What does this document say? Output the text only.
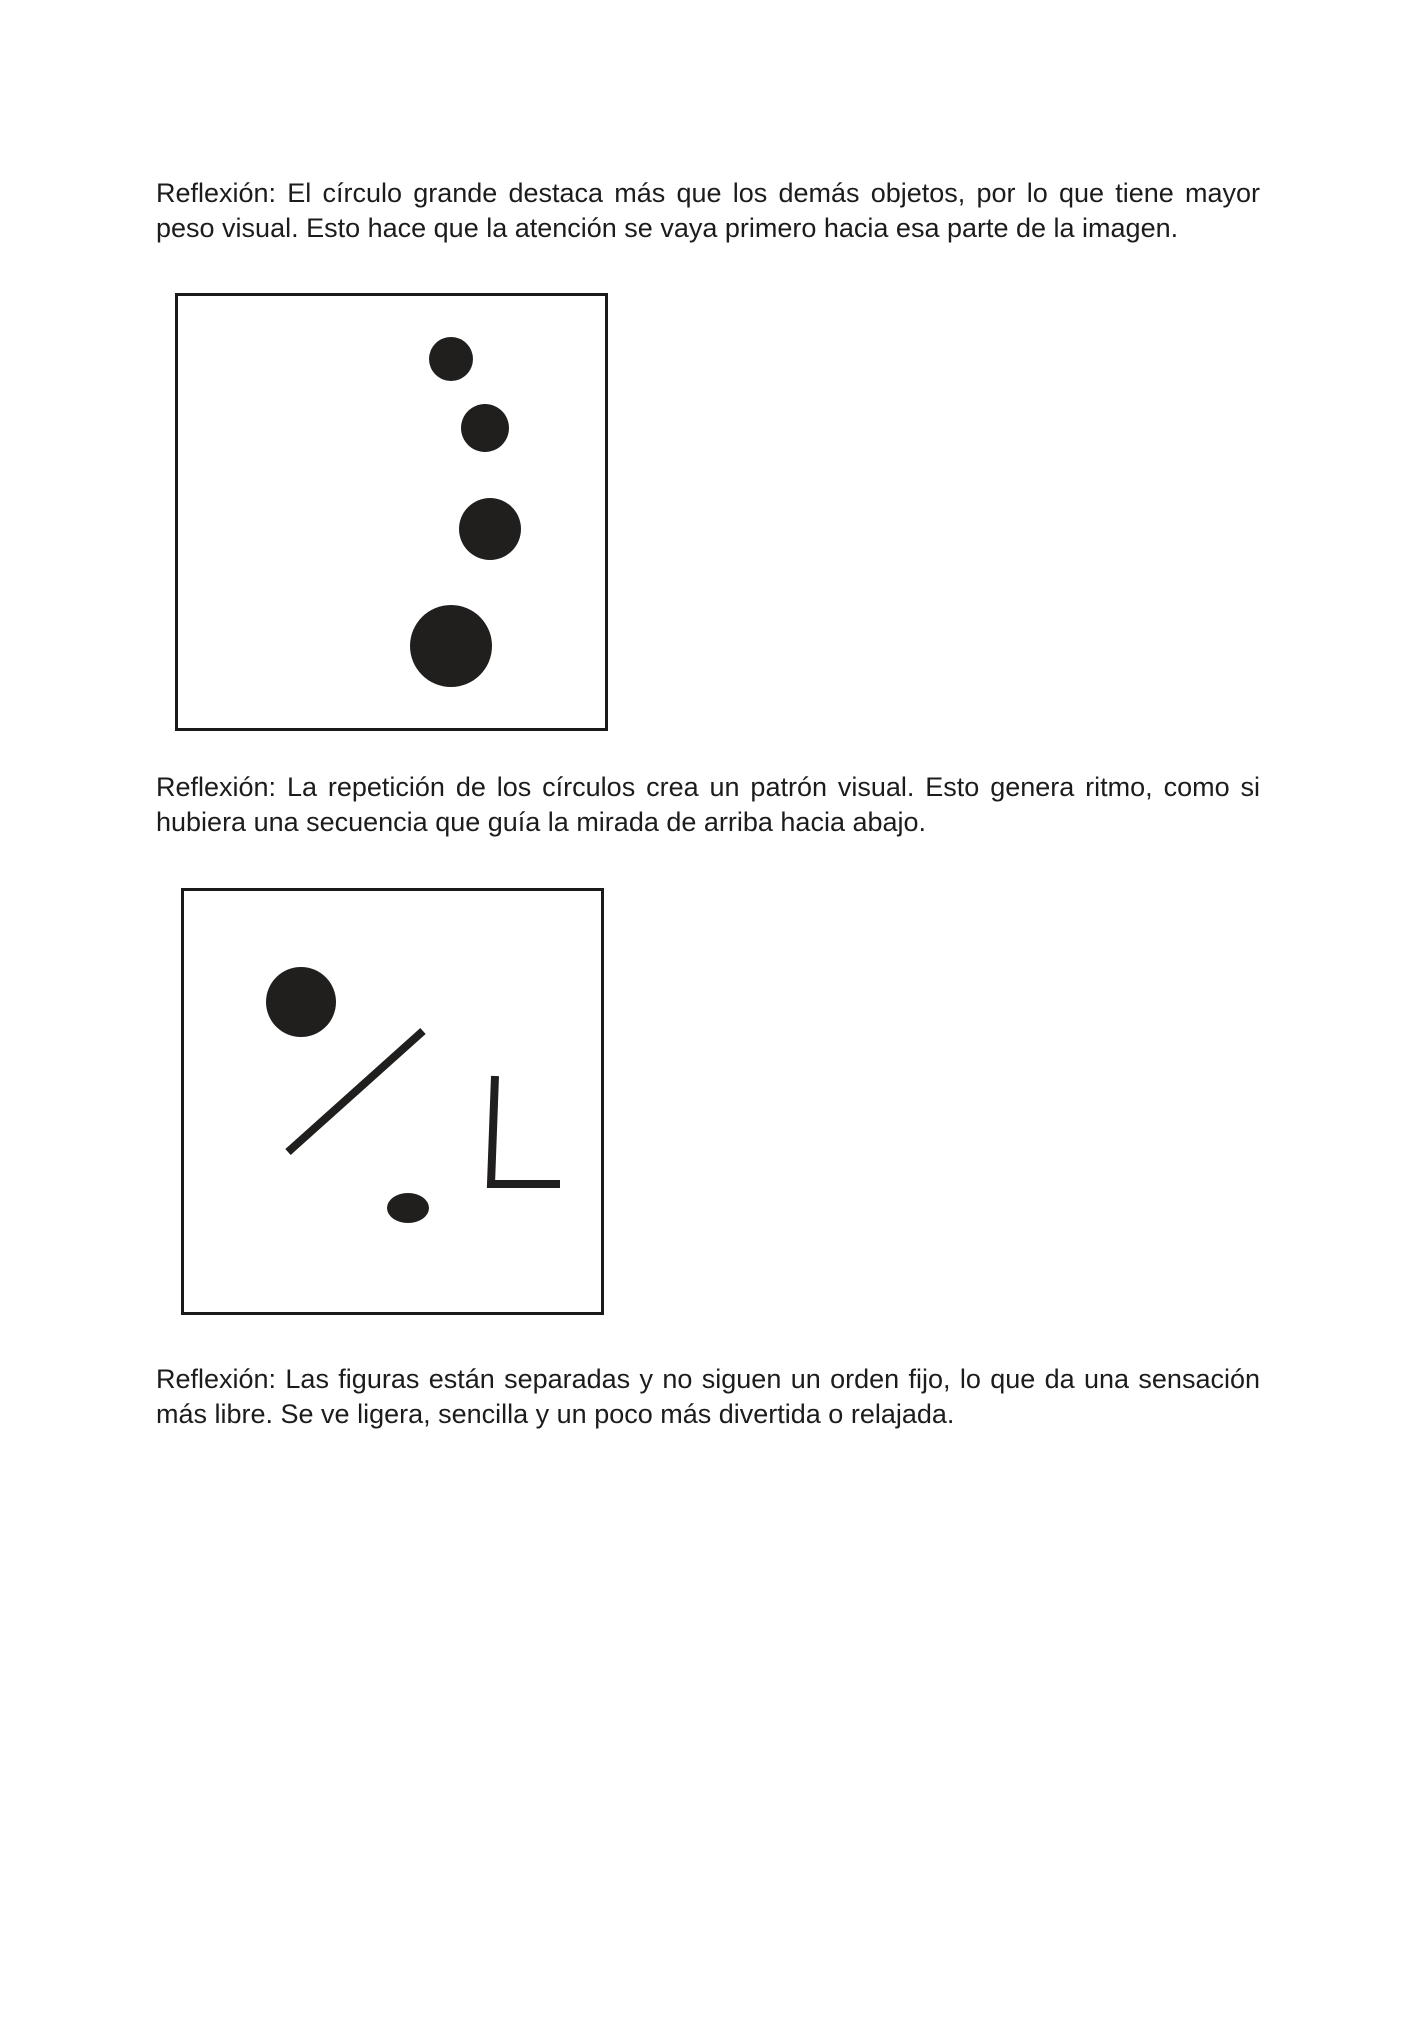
Reflexión: El círculo grande destaca más que los demás objetos, por lo que tiene mayor
peso visual. Esto hace que la atención se vaya primero hacia esa parte de la imagen.

Reflexión: La repetición de los círculos crea un patrón visual. Esto genera ritmo, como si
hubiera una secuencia que guía la mirada de arriba hacia abajo.

Reflexión: Las figuras están separadas y no siguen un orden fijo, lo que da una sensación
más libre. Se ve ligera, sencilla y un poco más divertida o relajada.
